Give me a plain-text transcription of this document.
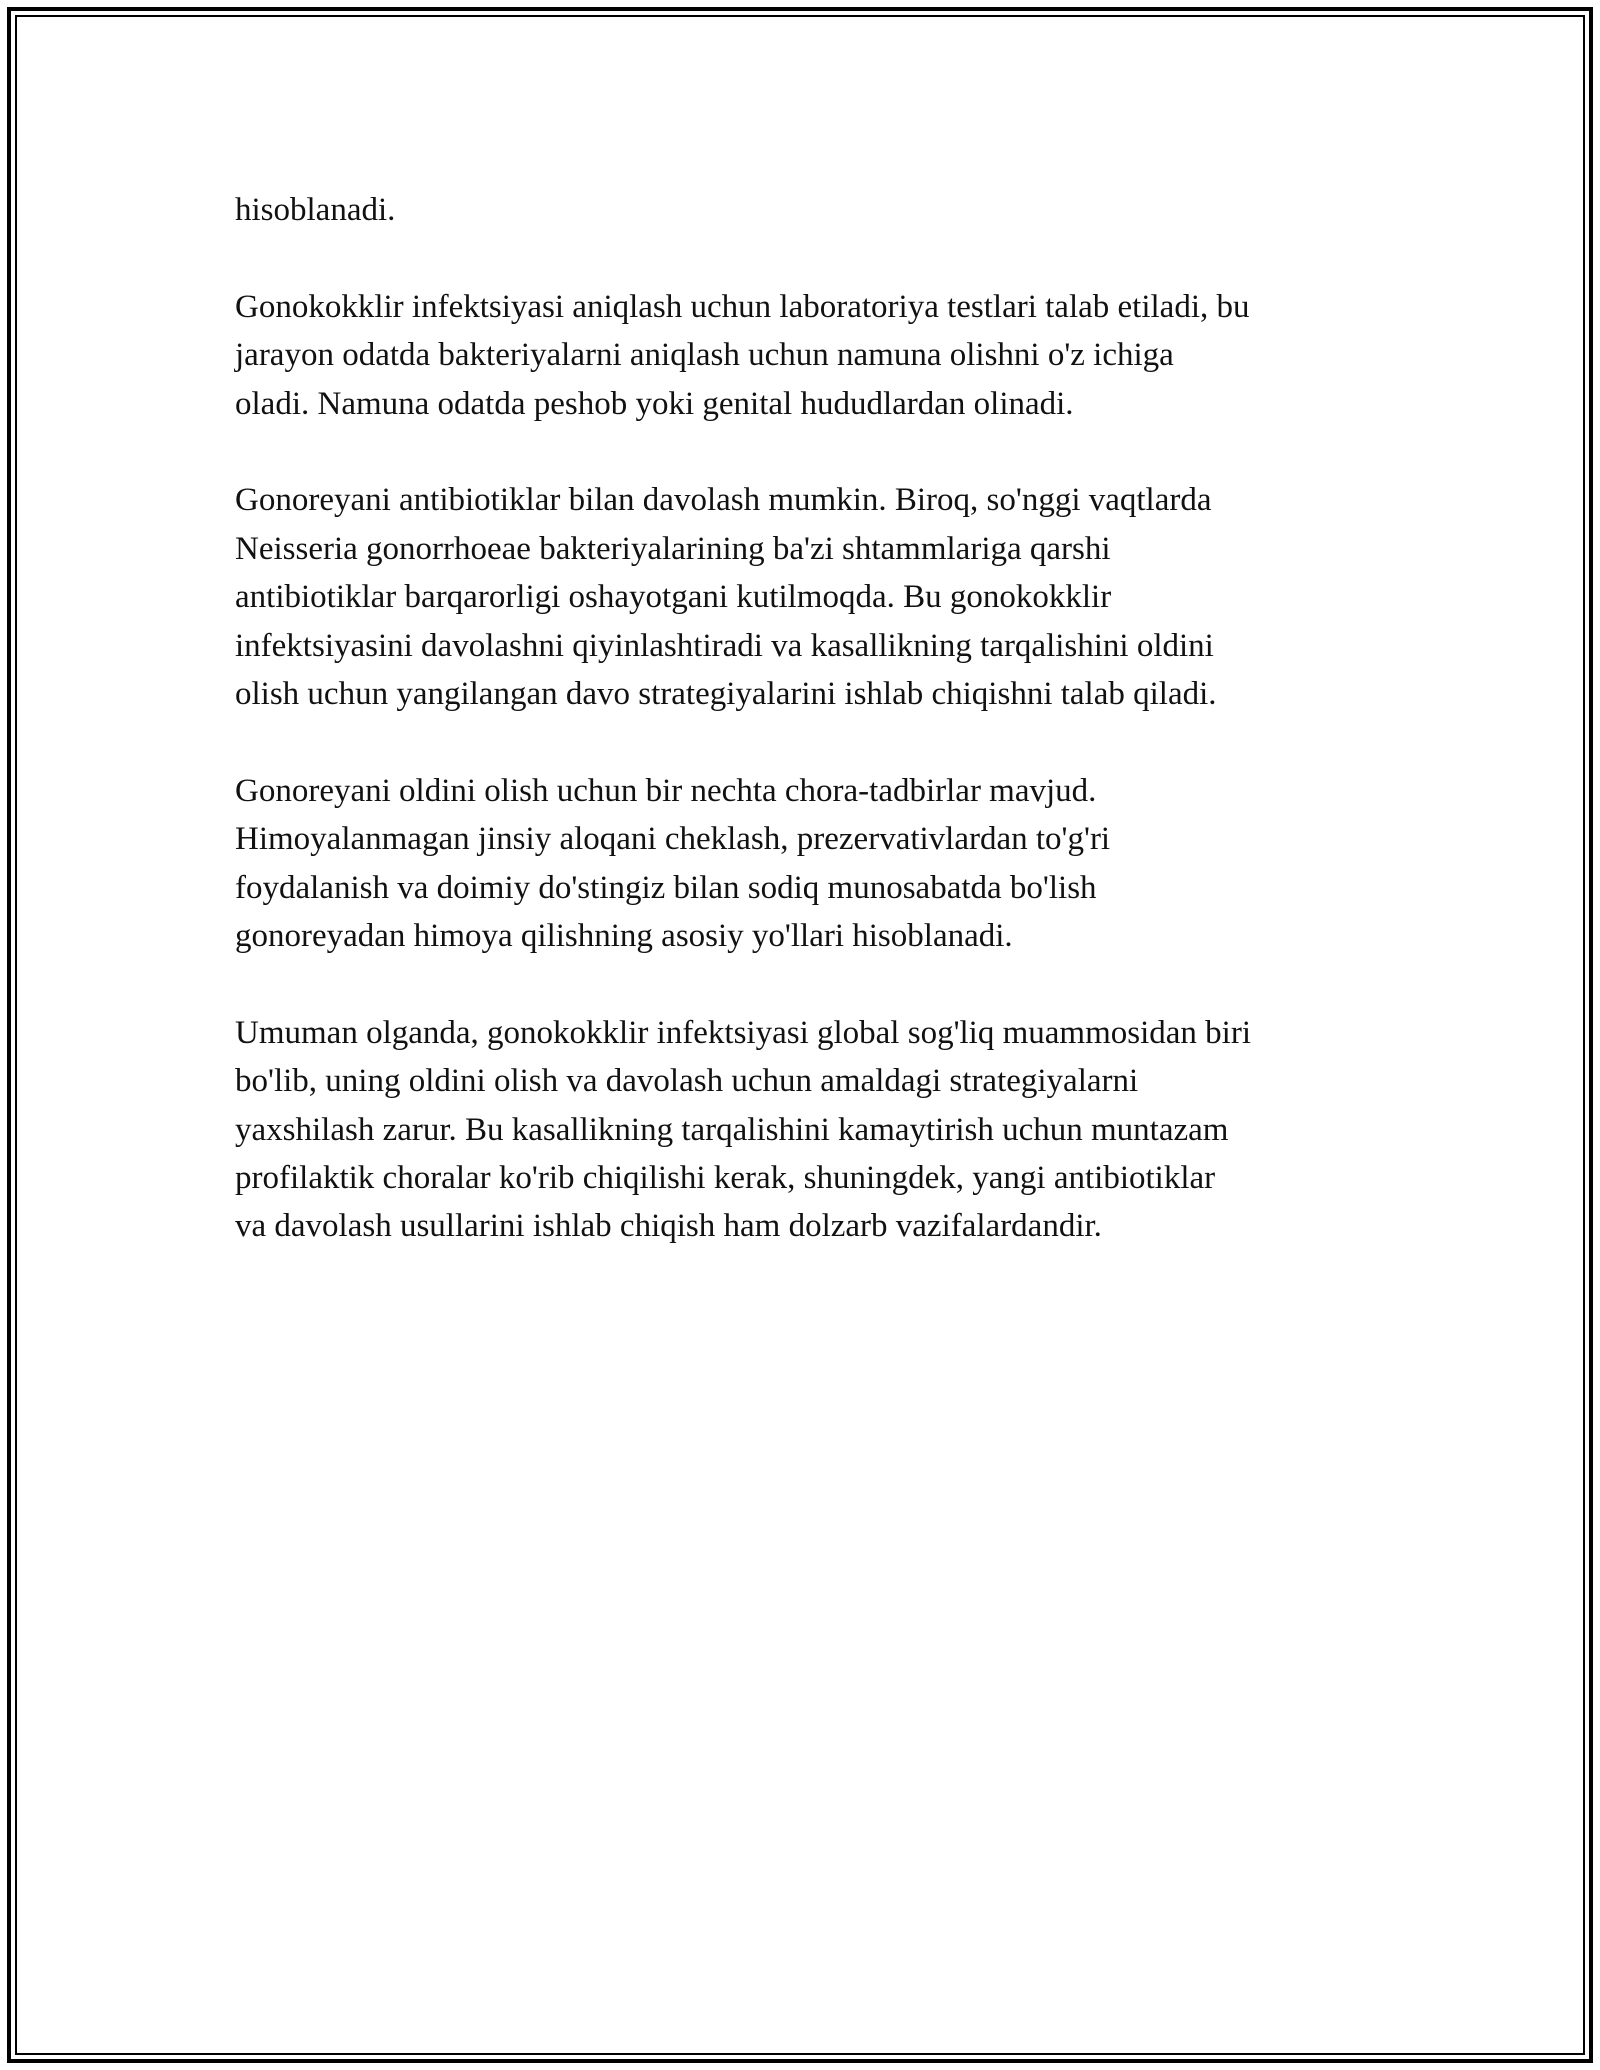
hisoblanadi.

Gonokokklir infektsiyasi aniqlash uchun laboratoriya testlari talab etiladi, bu
jarayon odatda bakteriyalarni aniqlash uchun namuna olishni o'z ichiga
oladi. Namuna odatda peshob yoki genital hududlardan olinadi.

Gonoreyani antibiotiklar bilan davolash mumkin. Biroq, so'nggi vaqtlarda
Neisseria gonorrhoeae bakteriyalarining ba'zi shtammlariga qarshi
antibiotiklar barqarorligi oshayotgani kutilmoqda. Bu gonokokklir
infektsiyasini davolashni qiyinlashtiradi va kasallikning tarqalishini oldini
olish uchun yangilangan davo strategiyalarini ishlab chiqishni talab qiladi.

Gonoreyani oldini olish uchun bir nechta chora-tadbirlar mavjud.
Himoyalanmagan jinsiy aloqani cheklash, prezervativlardan to'g'ri
foydalanish va doimiy do'stingiz bilan sodiq munosabatda bo'lish
gonoreyadan himoya qilishning asosiy yo'llari hisoblanadi.

Umuman olganda, gonokokklir infektsiyasi global sog'liq muammosidan biri
bo'lib, uning oldini olish va davolash uchun amaldagi strategiyalarni
yaxshilash zarur. Bu kasallikning tarqalishini kamaytirish uchun muntazam
profilaktik choralar ko'rib chiqilishi kerak, shuningdek, yangi antibiotiklar
va davolash usullarini ishlab chiqish ham dolzarb vazifalardandir.
